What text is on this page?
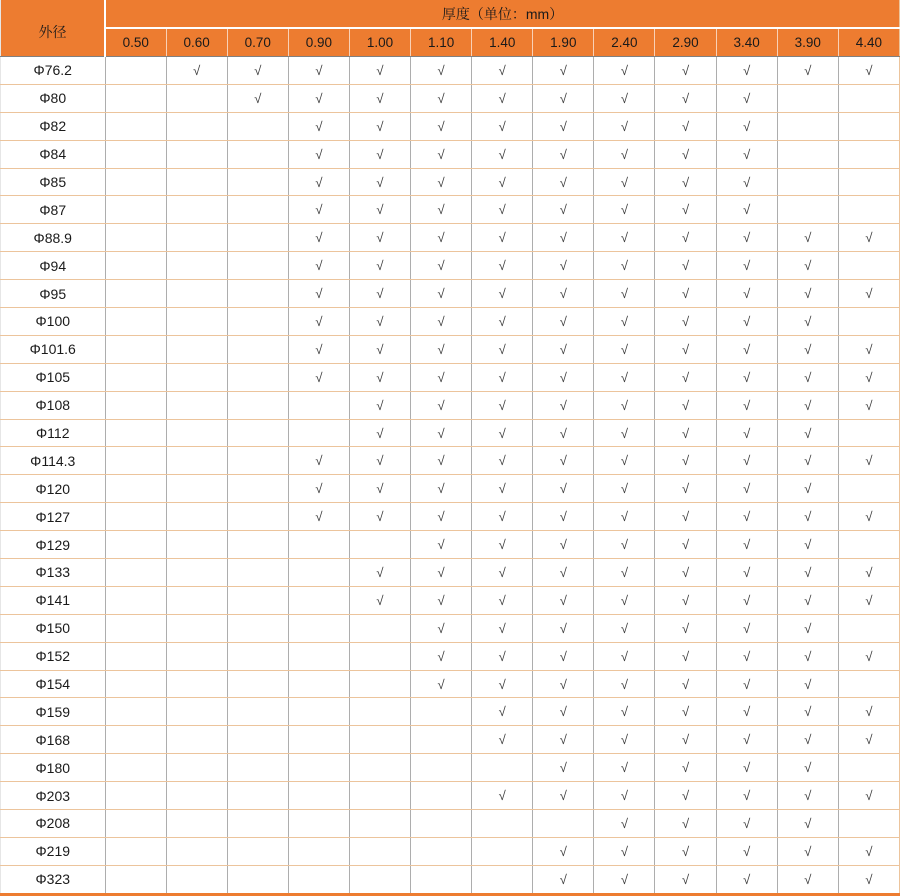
外径	厚度（单位：mm）												
	0.50	0.60	0.70	0.90	1.00	1.10	1.40	1.90	2.40	2.90	3.40	3.90	4.40
Φ76.2		√	√	√	√	√	√	√	√	√	√	√	√
Φ80			√	√	√	√	√	√	√	√	√		
Φ82				√	√	√	√	√	√	√	√		
Φ84				√	√	√	√	√	√	√	√		
Φ85				√	√	√	√	√	√	√	√		
Φ87				√	√	√	√	√	√	√	√		
Φ88.9				√	√	√	√	√	√	√	√	√	√
Φ94				√	√	√	√	√	√	√	√	√	
Φ95				√	√	√	√	√	√	√	√	√	√
Φ100				√	√	√	√	√	√	√	√	√	
Φ101.6				√	√	√	√	√	√	√	√	√	√
Φ105				√	√	√	√	√	√	√	√	√	√
Φ108					√	√	√	√	√	√	√	√	√
Φ112					√	√	√	√	√	√	√	√	
Φ114.3				√	√	√	√	√	√	√	√	√	√
Φ120				√	√	√	√	√	√	√	√	√	
Φ127				√	√	√	√	√	√	√	√	√	√
Φ129						√	√	√	√	√	√	√	
Φ133					√	√	√	√	√	√	√	√	√
Φ141					√	√	√	√	√	√	√	√	√
Φ150						√	√	√	√	√	√	√	
Φ152						√	√	√	√	√	√	√	√
Φ154						√	√	√	√	√	√	√	
Φ159							√	√	√	√	√	√	√
Φ168							√	√	√	√	√	√	√
Φ180								√	√	√	√	√	
Φ203							√	√	√	√	√	√	√
Φ208									√	√	√	√	
Φ219								√	√	√	√	√	√
Φ323								√	√	√	√	√	√
